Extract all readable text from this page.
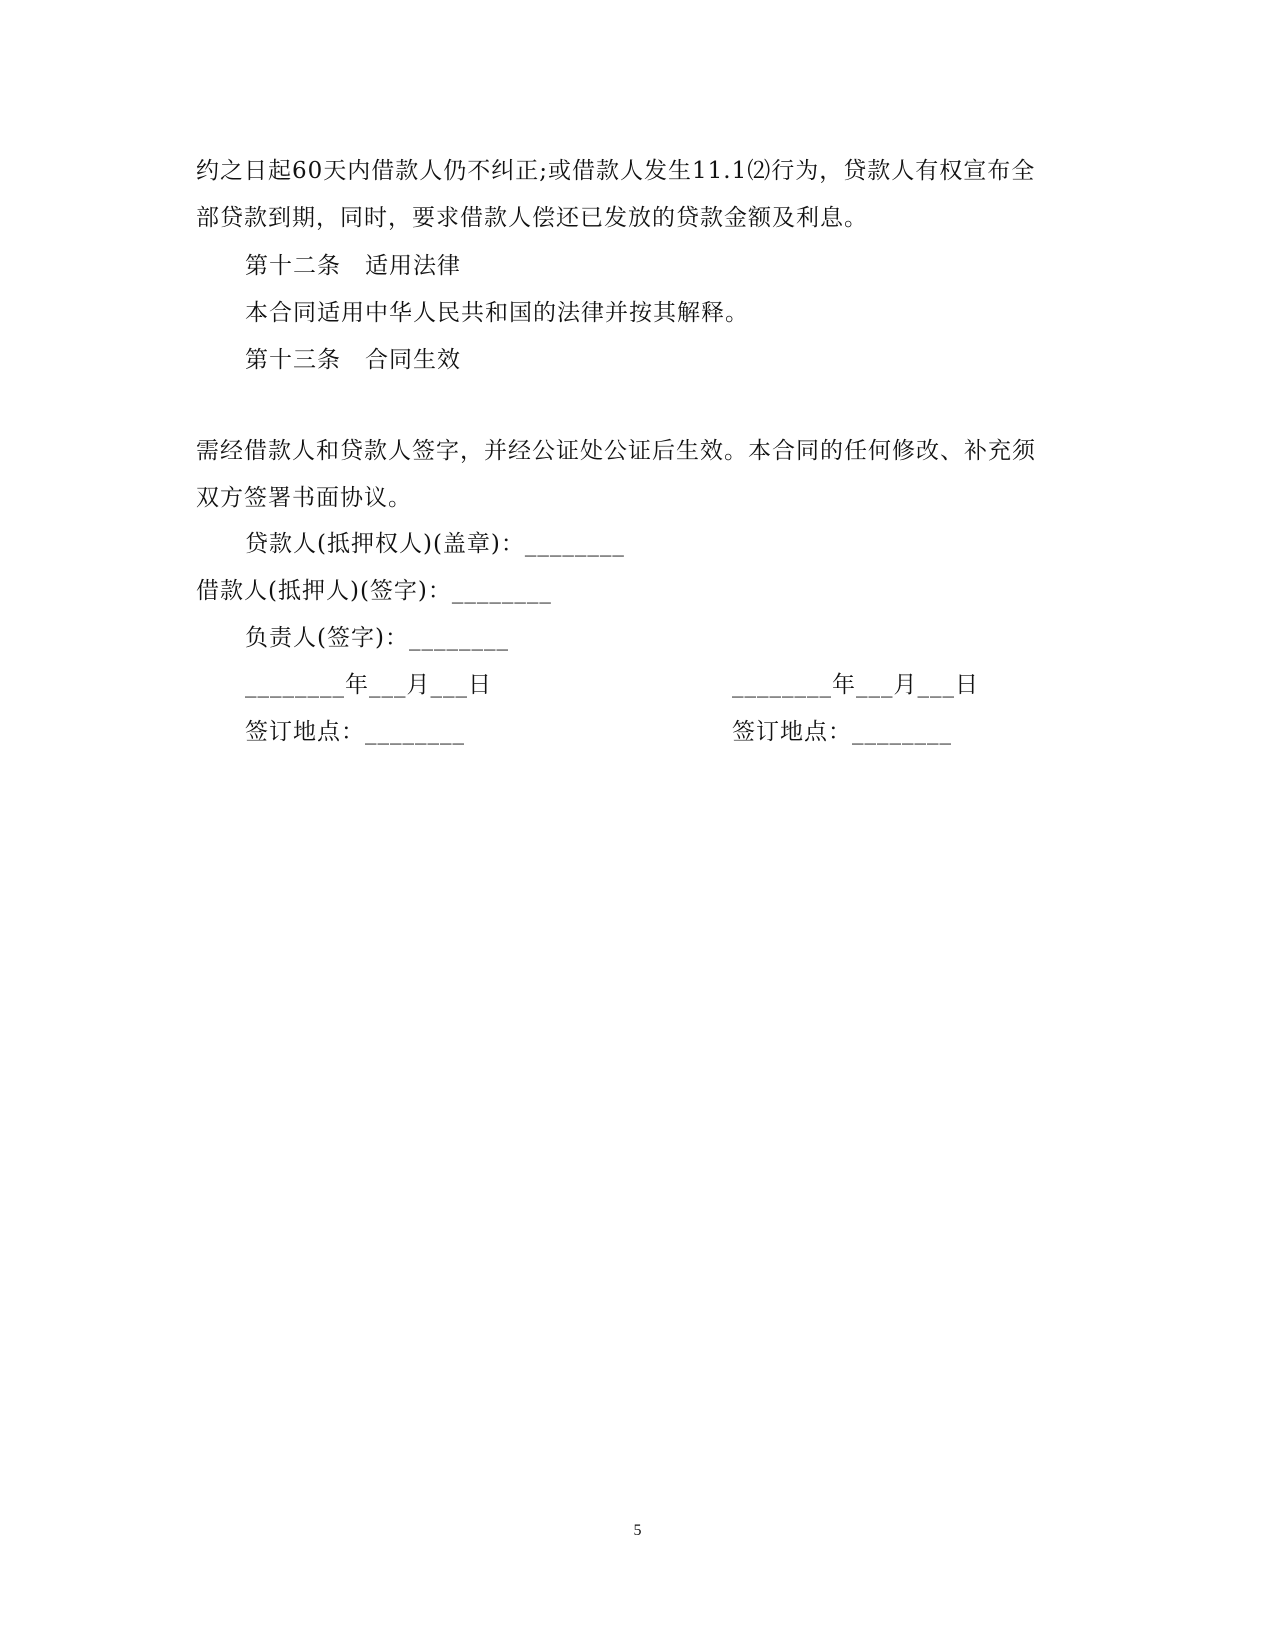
约之日起60天内借款人仍不纠正;或借款人发生11.1⑵行为，贷款人有权宣布全
部贷款到期，同时，要求借款人偿还已发放的贷款金额及利息。
第十二条　适用法律
本合同适用中华人民共和国的法律并按其解释。
第十三条　合同生效
需经借款人和贷款人签字，并经公证处公证后生效。本合同的任何修改、补充须
双方签署书面协议。
贷款人(抵押权人)(盖章)：________
借款人(抵押人)(签字)：________
负责人(签字)：________
________年___月___日	________年___月___日
签订地点：________	签订地点：________
5
